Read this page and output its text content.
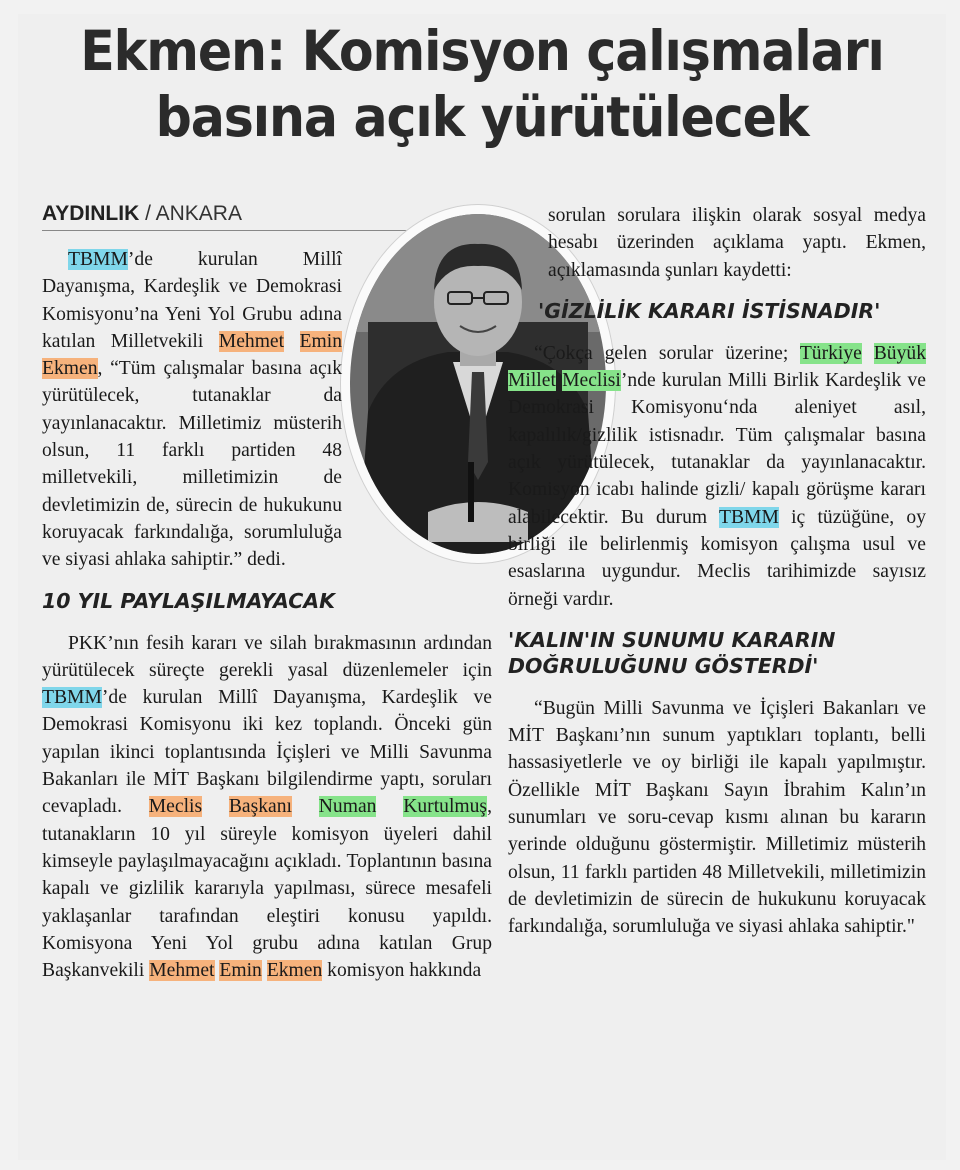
Ekmen: Komisyon çalışmaları
basına açık yürütülecek
AYDINLIK / ANKARA

TBMM’de kurulan Millî Dayanışma, Kardeşlik ve Demokrasi Komisyonu’na Yeni Yol Grubu adına katılan Milletvekili Mehmet Emin Ekmen, “Tüm çalışmalar basına açık yürütülecek, tutanaklar da yayınlanacaktır. Milletimiz müsterih olsun, 11 farklı partiden 48 milletvekili, milletimizin de devletimizin de, sürecin de hukukunu koruyacak farkındalığa, sorumluluğa ve siyasi ahlaka sahiptir.” dedi.

10 YIL PAYLAŞILMAYACAK

PKK’nın fesih kararı ve silah bırakmasının ardından yürütülecek süreçte gerekli yasal düzenlemeler için TBMM’de kurulan Millî Dayanışma, Kardeşlik ve Demokrasi Komisyonu iki kez toplandı. Önceki gün yapılan ikinci toplantısında İçişleri ve Milli Savunma Bakanları ile MİT Başkanı bilgilendirme yaptı, soruları cevapladı. Meclis Başkanı Numan Kurtulmuş, tutanakların 10 yıl süreyle komisyon üyeleri dahil kimseyle paylaşılmayacağını açıkladı. Toplantının basına kapalı ve gizlilik kararıyla yapılması, sürece mesafeli yaklaşanlar tarafından eleştiri konusu yapıldı. Komisyona Yeni Yol grubu adına katılan Grup Başkanvekili Mehmet Emin Ekmen komisyon hakkında

sorulan sorulara ilişkin olarak sosyal medya hesabı üzerinden açıklama yaptı. Ekmen, açıklamasında şunları kaydetti:

'GİZLİLİK KARARI İSTİSNADIR'

“Çokça gelen sorular üzerine; Türkiye Büyük Millet Meclisi’nde kurulan Milli Birlik Kardeşlik ve Demokrasi Komisyonu‘nda aleniyet asıl, kapalılık/gizlilik istisnadır. Tüm çalışmalar basına açık yürütülecek, tutanaklar da yayınlanacaktır. Komisyon icabı halinde gizli/ kapalı görüşme kararı alabilecektir. Bu durum TBMM iç tüzüğüne, oy birliği ile belirlenmiş komisyon çalışma usul ve esaslarına uygundur. Meclis tarihimizde sayısız örneği vardır.

'KALIN'IN SUNUMU KARARIN DOĞRULUĞUNU GÖSTERDİ'

“Bugün Milli Savunma ve İçişleri Bakanları ve MİT Başkanı’nın sunum yaptıkları toplantı, belli hassasiyetlerle ve oy birliği ile kapalı yapılmıştır. Özellikle MİT Başkanı Sayın İbrahim Kalın’ın sunumları ve soru-cevap kısmı alınan bu kararın yerinde olduğunu göstermiştir. Milletimiz müsterih olsun, 11 farklı partiden 48 Milletvekili, milletimizin de devletimizin de sürecin de hukukunu koruyacak farkındalığa, sorumluluğa ve siyasi ahlaka sahiptir."
